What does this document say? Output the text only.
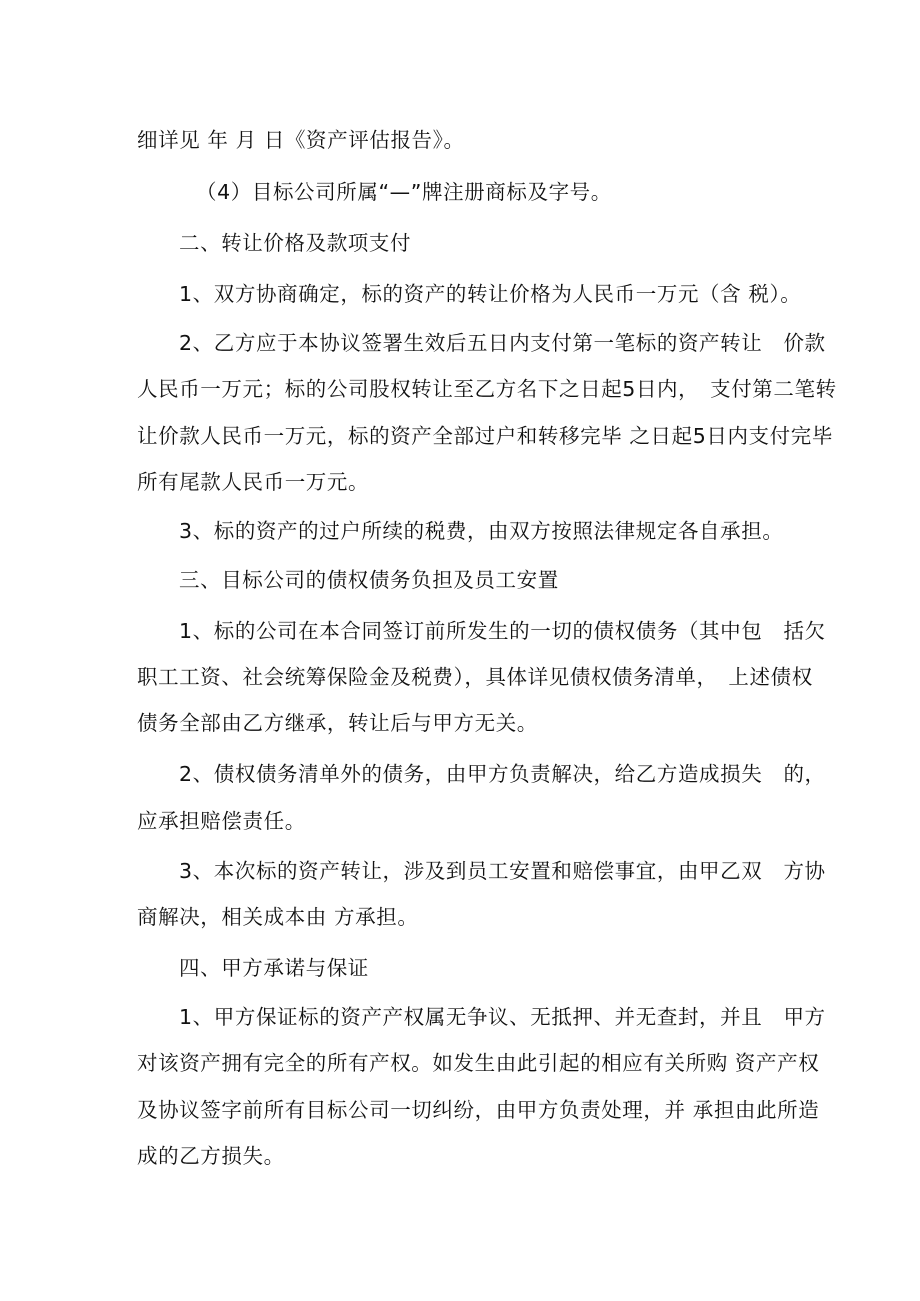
细详见 年 月 日《资产评估报告》。
（4）目标公司所属“—”牌注册商标及字号。
二、转让价格及款项支付
1、双方协商确定，标的资产的转让价格为人民币一万元（含 税）。
2、乙方应于本协议签署生效后五日内支付第一笔标的资产转让　价款
人民币一万元；标的公司股权转让至乙方名下之日起5日内，　支付第二笔转
让价款人民币一万元，标的资产全部过户和转移完毕 之日起5日内支付完毕
所有尾款人民币一万元。
3、标的资产的过户所续的税费，由双方按照法律规定各自承担。
三、目标公司的债权债务负担及员工安置
1、标的公司在本合同签订前所发生的一切的债权债务（其中包　括欠
职工工资、社会统筹保险金及税费），具体详见债权债务清单，　上述债权
债务全部由乙方继承，转让后与甲方无关。
2、债权债务清单外的债务，由甲方负责解决，给乙方造成损失　的，
应承担赔偿责任。
3、本次标的资产转让，涉及到员工安置和赔偿事宜，由甲乙双　方协
商解决，相关成本由 方承担。
四、甲方承诺与保证
1、甲方保证标的资产产权属无争议、无抵押、并无查封，并且　甲方
对该资产拥有完全的所有产权。如发生由此引起的相应有关所购 资产产权
及协议签字前所有目标公司一切纠纷，由甲方负责处理，并 承担由此所造
成的乙方损失。
